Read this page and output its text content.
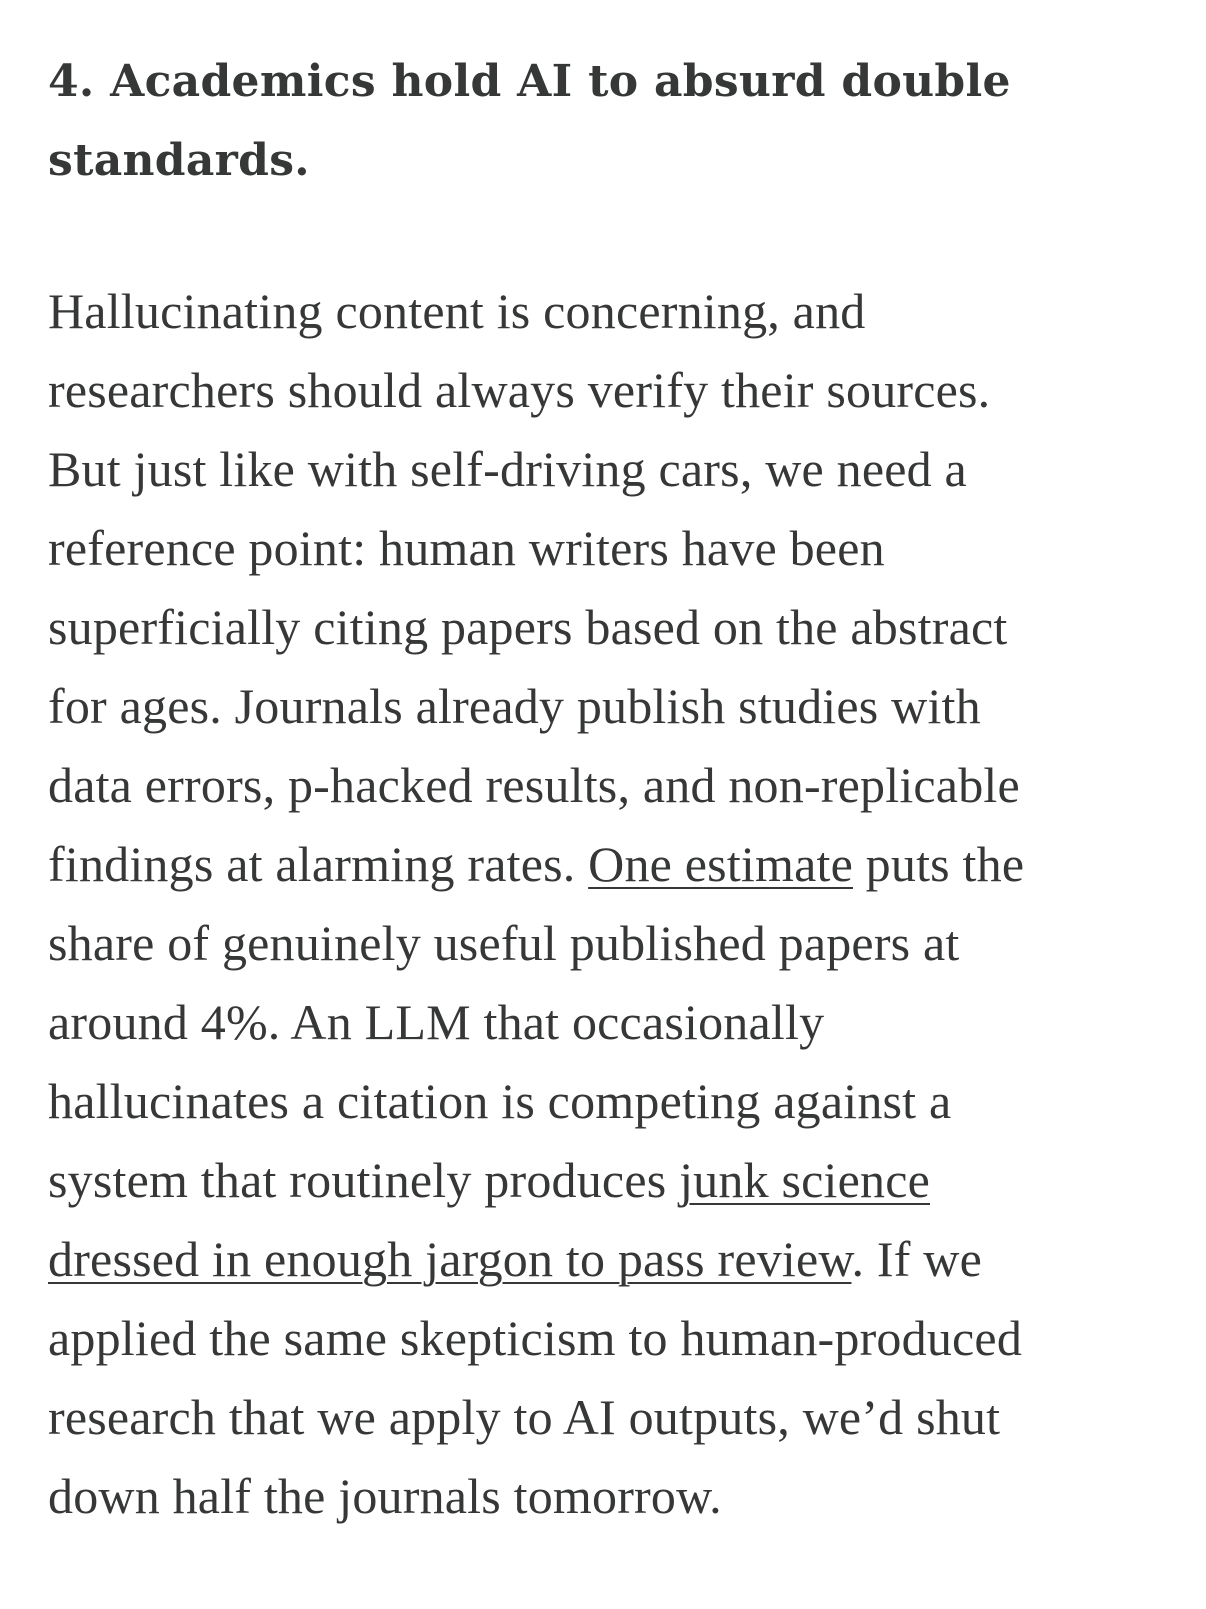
4. Academics hold AI to absurd double
standards.

Hallucinating content is concerning, and
researchers should always verify their sources.
But just like with self-driving cars, we need a
reference point: human writers have been
superficially citing papers based on the abstract
for ages. Journals already publish studies with
data errors, p-hacked results, and non-replicable
findings at alarming rates. One estimate puts the
share of genuinely useful published papers at
around 4%. An LLM that occasionally
hallucinates a citation is competing against a
system that routinely produces junk science
dressed in enough jargon to pass review. If we
applied the same skepticism to human-produced
research that we apply to AI outputs, we’d shut
down half the journals tomorrow.
